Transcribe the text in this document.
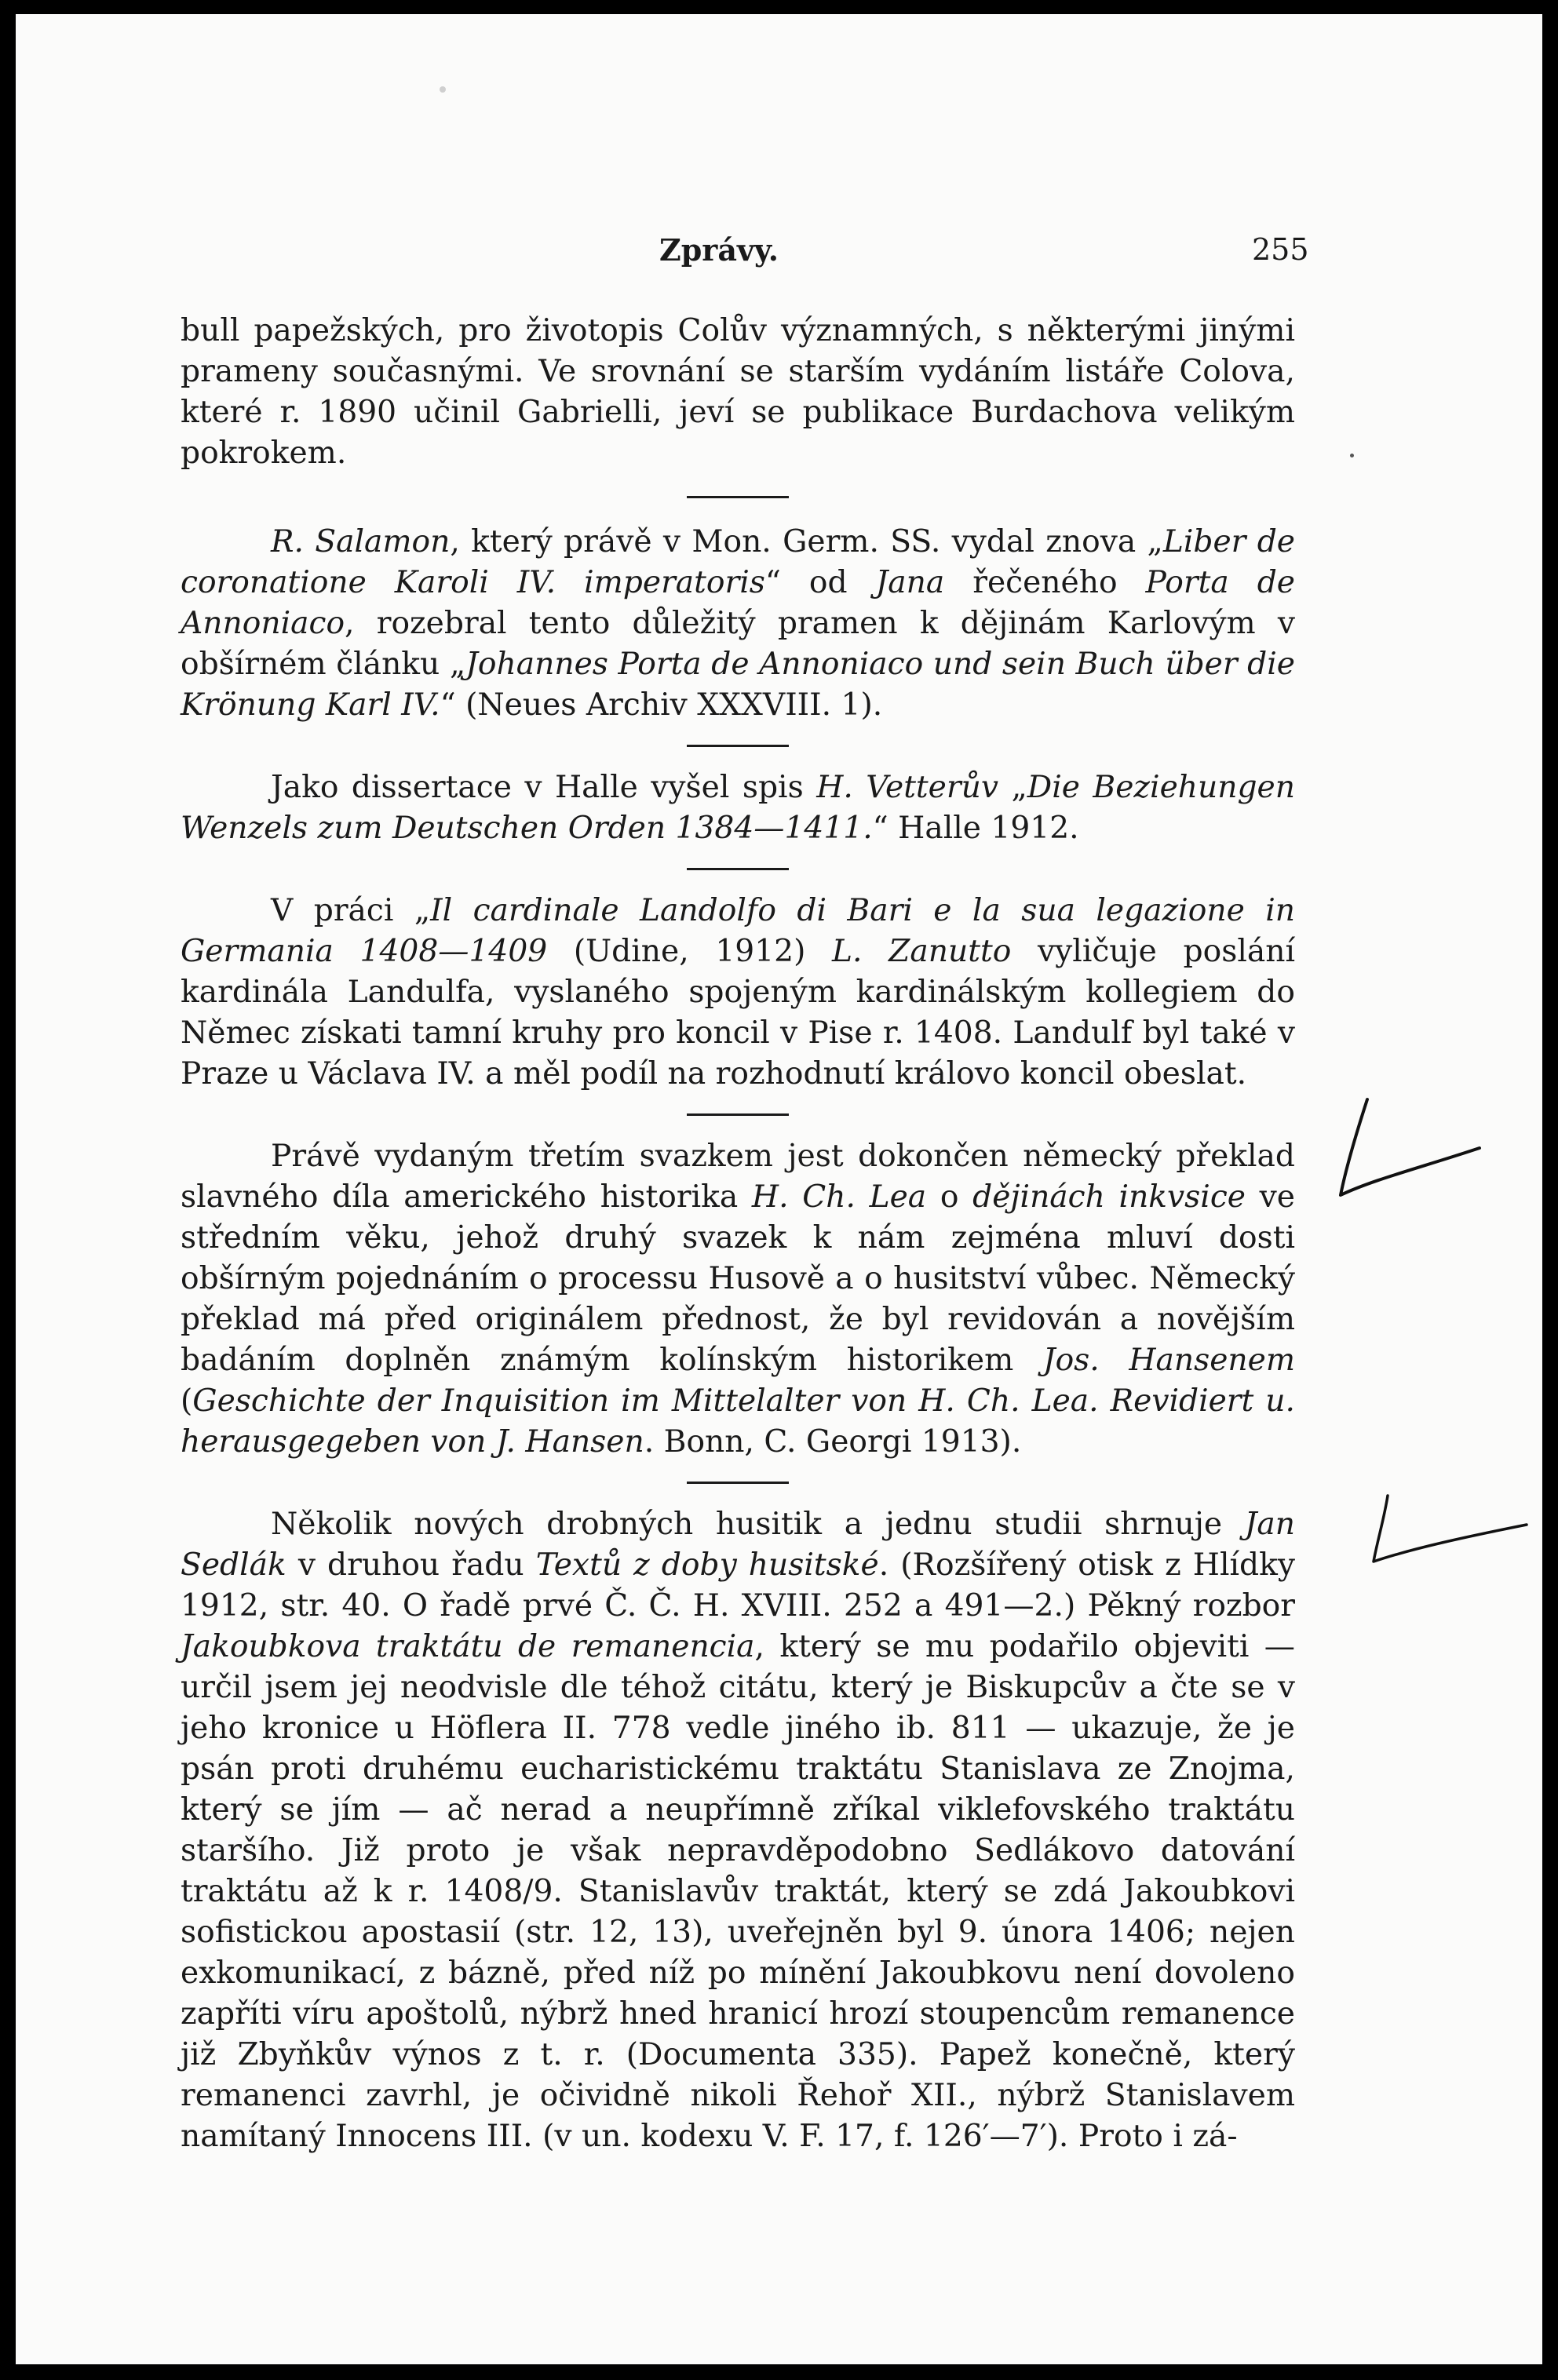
Zprávy.	255

bull papežských, pro životopis Colův významných, s některými jinými prameny současnými. Ve srovnání se starším vydáním listáře Colova, které r. 1890 učinil Gabrielli, jeví se publikace Burdachova velikým pokrokem.

R. Salamon, který právě v Mon. Germ. SS. vydal znova „Liber de coronatione Karoli IV. imperatoris“ od Jana řečeného Porta de Annoniaco, rozebral tento důležitý pramen k dějinám Karlovým v obšírném článku „Johannes Porta de Annoniaco und sein Buch über die Krönung Karl IV.“ (Neues Archiv XXXVIII. 1).

Jako dissertace v Halle vyšel spis H. Vetterův „Die Beziehungen Wenzels zum Deutschen Orden 1384—1411.“ Halle 1912.

V práci „Il cardinale Landolfo di Bari e la sua legazione in Germania 1408—1409 (Udine, 1912) L. Zanutto vyličuje poslání kardinála Landulfa, vyslaného spojeným kardinálským kollegiem do Němec získati tamní kruhy pro koncil v Pise r. 1408. Landulf byl také v Praze u Václava IV. a měl podíl na rozhodnutí královo koncil obeslat.

Právě vydaným třetím svazkem jest dokončen německý překlad slavného díla amerického historika H. Ch. Lea o dějinách inkvsice ve středním věku, jehož druhý svazek k nám zejména mluví dosti obšírným pojednáním o processu Husově a o husitství vůbec. Německý překlad má před originálem přednost, že byl revidován a novějším badáním doplněn známým kolínským historikem Jos. Hansenem (Geschichte der Inquisition im Mittelalter von H. Ch. Lea. Revidiert u. herausgegeben von J. Hansen. Bonn, C. Georgi 1913).

Několik nových drobných husitik a jednu studii shrnuje Jan Sedlák v druhou řadu Textů z doby husitské. (Rozšířený otisk z Hlídky 1912, str. 40. O řadě prvé Č. Č. H. XVIII. 252 a 491—2.) Pěkný rozbor Jakoubkova traktátu de remanencia, který se mu podařilo objeviti — určil jsem jej neodvisle dle téhož citátu, který je Biskupcův a čte se v jeho kronice u Höflera II. 778 vedle jiného ib. 811 — ukazuje, že je psán proti druhému eucharistickému traktátu Stanislava ze Znojma, který se jím — ač nerad a neupřímně zříkal viklefovského traktátu staršího. Již proto je však nepravděpodobno Sedlákovo datování traktátu až k r. 1408/9. Stanislavův traktát, který se zdá Jakoubkovi sofistickou apostasií (str. 12, 13), uveřejněn byl 9. února 1406; nejen exkomunikací, z bázně, před níž po mínění Jakoubkovu není dovoleno zapříti víru apoštolů, nýbrž hned hranicí hrozí stoupencům remanence již Zbyňkův výnos z t. r. (Documenta 335). Papež konečně, který remanenci zavrhl, je očividně nikoli Řehoř XII., nýbrž Stanislavem namítaný Innocens III. (v un. kodexu V. F. 17, f. 126′—7′). Proto i zá-
